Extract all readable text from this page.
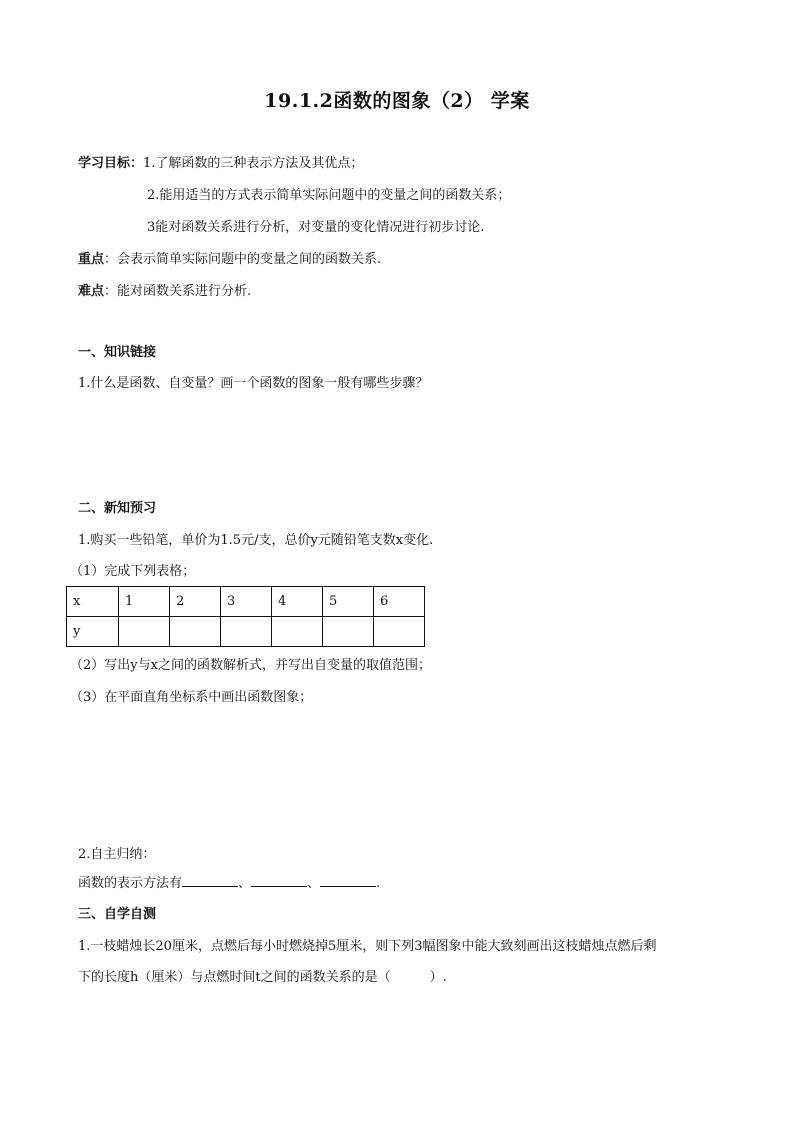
19.1.2函数的图象（2） 学案
学习目标：1.了解函数的三种表示方法及其优点；
2.能用适当的方式表示简单实际问题中的变量之间的函数关系；
3能对函数关系进行分析，对变量的变化情况进行初步讨论.
重点：会表示简单实际问题中的变量之间的函数关系.
难点：能对函数关系进行分析.
一、知识链接
1.什么是函数、自变量？画一个函数的图象一般有哪些步骤？
二、新知预习
1.购买一些铅笔，单价为1.5元/支，总价y元随铅笔支数x变化.
（1）完成下列表格；
x	1	2	3	4	5	6
y						
（2）写出y与x之间的函数解析式，并写出自变量的取值范围；
（3）在平面直角坐标系中画出函数图象；
2.自主归纳：
函数的表示方法有	、	、	.
三、自学自测
1.一枝蜡烛长20厘米，点燃后每小时燃烧掉5厘米，则下列3幅图象中能大致刻画出这枝蜡烛点燃后剩
下的长度h（厘米）与点燃时间t之间的函数关系的是（　　　）.
